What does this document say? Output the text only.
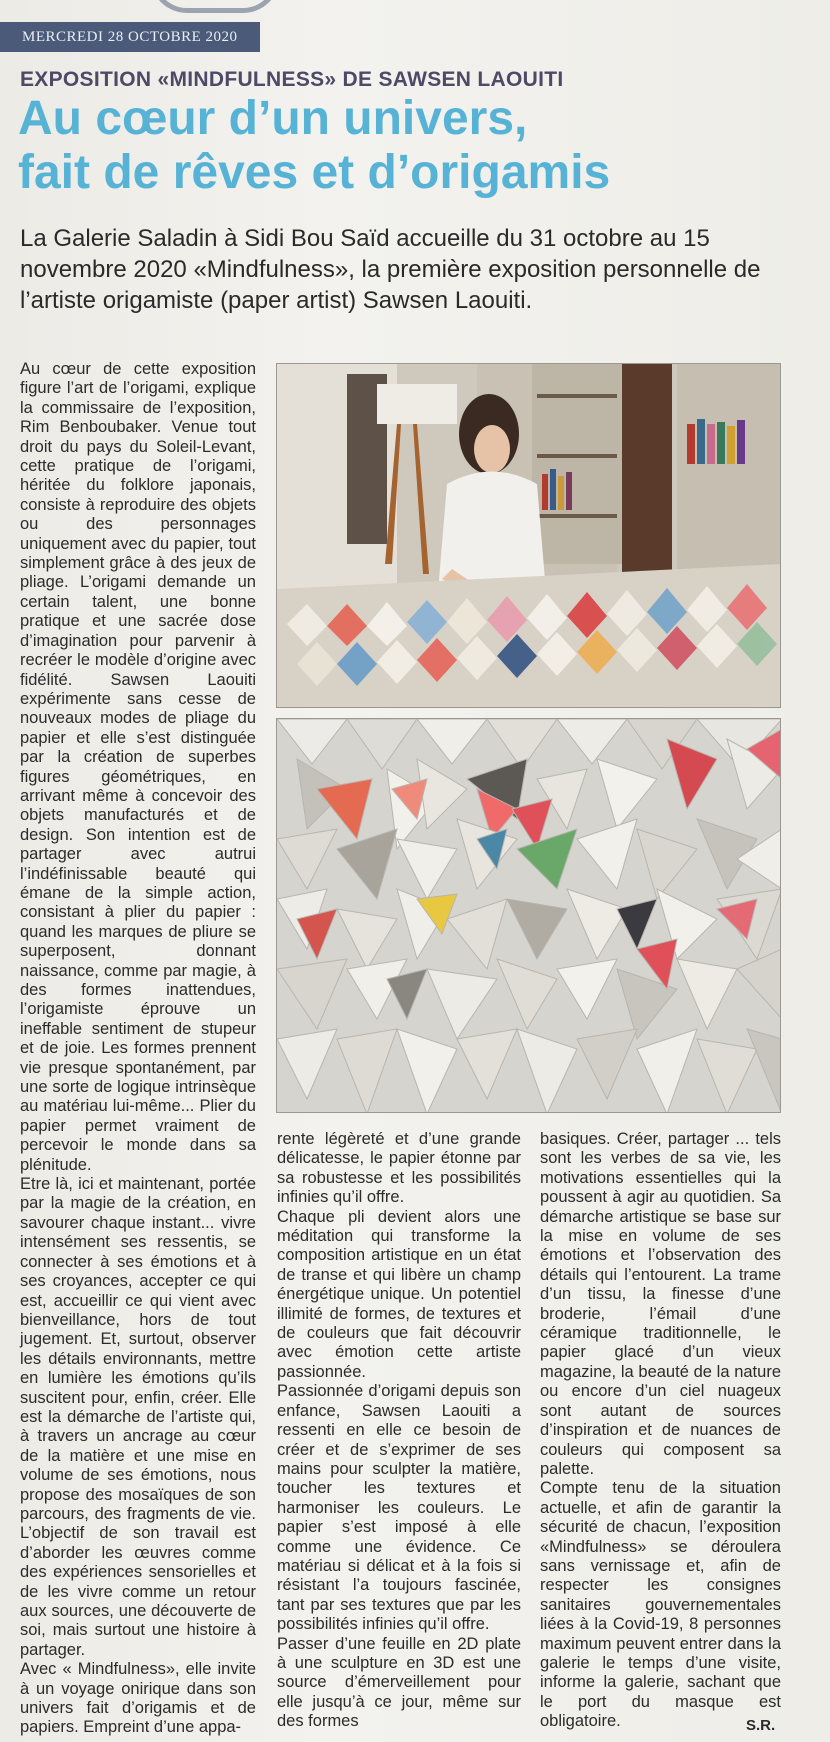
MERCREDI 28 OCTOBRE 2020
EXPOSITION «MINDFULNESS» DE SAWSEN LAOUITI
Au cœur d’un univers,
fait de rêves et d’origamis
La Galerie Saladin à Sidi Bou Saïd accueille du 31 octobre au 15 novembre 2020 «Mindfulness», la première exposition personnelle de l’artiste origamiste (paper artist) Sawsen Laouiti.

Au cœur de cette exposition figure l’art de l’origami, explique la commissaire de l’exposition, Rim Benboubaker. Venue tout droit du pays du Soleil-Levant, cette pratique de l’origami, héritée du folklore japonais, consiste à reproduire des objets ou des personnages uniquement avec du papier, tout simplement grâce à des jeux de pliage. L’origami demande un certain talent, une bonne pratique et une sacrée dose d’imagination pour parvenir à recréer le modèle d’origine avec fidélité. Sawsen Laouiti expérimente sans cesse de nouveaux modes de pliage du papier et elle s’est distinguée par la création de superbes figures géométriques, en arrivant même à concevoir des objets manufacturés et de design. Son intention est de partager avec autrui l’indéfinissable beauté qui émane de la simple action, consistant à plier du papier : quand les marques de pliure se superposent, donnant naissance, comme par magie, à des formes inattendues, l’origamiste éprouve un ineffable sentiment de stupeur et de joie. Les formes prennent vie presque spontanément, par une sorte de logique intrinsèque au matériau lui-même... Plier du papier permet vraiment de percevoir le monde dans sa plénitude.

Etre là, ici et maintenant, portée par la magie de la création, en savourer chaque instant... vivre intensément ses ressentis, se connecter à ses émotions et à ses croyances, accepter ce qui est, accueillir ce qui vient avec bienveillance, hors de tout jugement. Et, surtout, observer les détails environnants, mettre en lumière les émotions qu’ils suscitent pour, enfin, créer. Elle est la démarche de l’artiste qui, à travers un ancrage au cœur de la matière et une mise en volume de ses émotions, nous propose des mosaïques de son parcours, des fragments de vie. L’objectif de son travail est d’aborder les œuvres comme des expériences sensorielles et de les vivre comme un retour aux sources, une découverte de soi, mais surtout une histoire à partager.

Avec « Mindfulness», elle invite à un voyage onirique dans son univers fait d’origamis et de papiers. Empreint d’une appa-

rente légèreté et d’une grande délicatesse, le papier étonne par sa robustesse et les possibilités infinies qu’il offre.

Chaque pli devient alors une méditation qui transforme la composition artistique en un état de transe et qui libère un champ énergétique unique. Un potentiel illimité de formes, de textures et de couleurs que fait découvrir avec émotion cette artiste passionnée.

Passionnée d’origami depuis son enfance, Sawsen Laouiti a ressenti en elle ce besoin de créer et de s’exprimer de ses mains pour sculpter la matière, toucher les textures et harmoniser les couleurs. Le papier s’est imposé à elle comme une évidence. Ce matériau si délicat et à la fois si résistant l’a toujours fascinée, tant par ses textures que par les possibilités infinies qu’il offre.

Passer d’une feuille en 2D plate à une sculpture en 3D est une source d’émerveillement pour elle jusqu’à ce jour, même sur des formes

basiques. Créer, partager ... tels sont les verbes de sa vie, les motivations essentielles qui la poussent à agir au quotidien. Sa démarche artistique se base sur la mise en volume de ses émotions et l’observation des détails qui l’entourent. La trame d’un tissu, la finesse d’une broderie, l’émail d’une céramique traditionnelle, le papier glacé d’un vieux magazine, la beauté de la nature ou encore d’un ciel nuageux sont autant de sources d’inspiration et de nuances de couleurs qui composent sa palette.

Compte tenu de la situation actuelle, et afin de garantir la sécurité de chacun, l’exposition «Mindfulness» se déroulera sans vernissage et, afin de respecter les consignes sanitaires gouvernementales liées à la Covid-19, 8 personnes maximum peuvent entrer dans la galerie le temps d’une visite, informe la galerie, sachant que le port du masque est obligatoire.	S.R.
